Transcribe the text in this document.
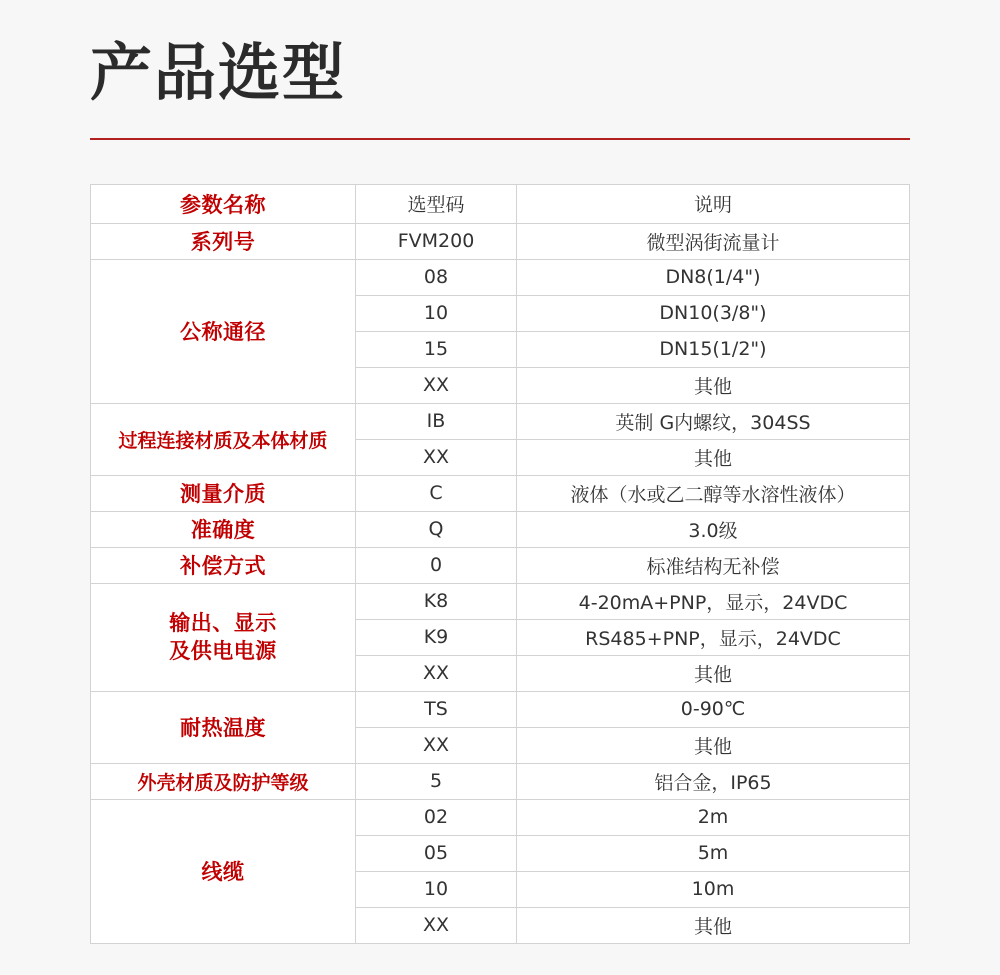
产品选型
参数名称	选型码	说明
系列号	FVM200	微型涡街流量计
公称通径	08	DN8(1/4")
	10	DN10(3/8")
	15	DN15(1/2")
	XX	其他
过程连接材质及本体材质	IB	英制 G内螺纹，304SS
	XX	其他
测量介质	C	液体（水或乙二醇等水溶性液体）
准确度	Q	3.0级
补偿方式	0	标准结构无补偿

输出、显示
及供电电源	K8	4-20mA+PNP，显示，24VDC
	K9	RS485+PNP，显示，24VDC
	XX	其他
耐热温度	TS	0-90℃
	XX	其他
外壳材质及防护等级	5	铝合金，IP65
线缆	02	2m
	05	5m
	10	10m
	XX	其他
